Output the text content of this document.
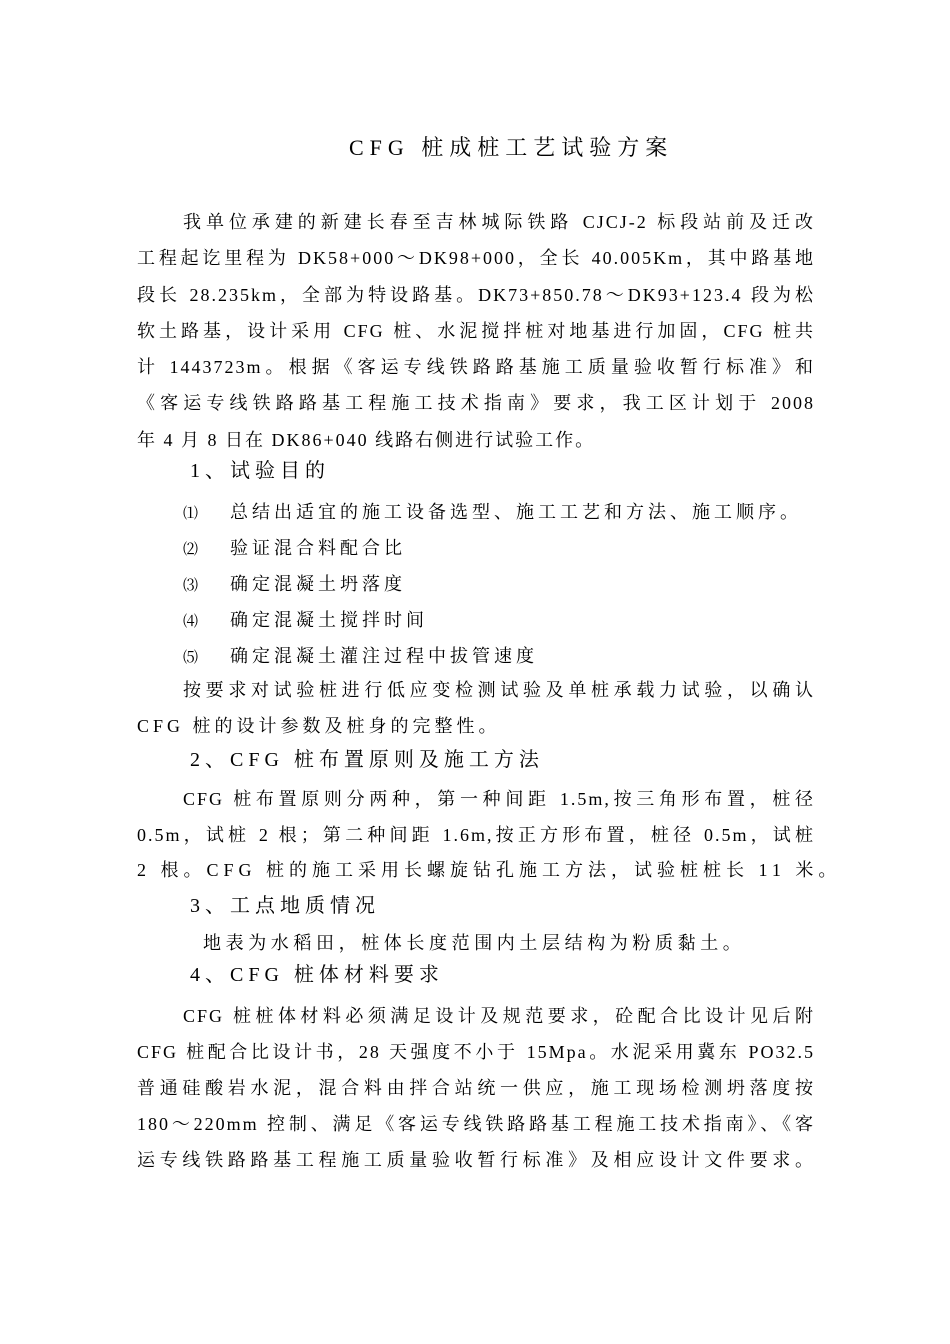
CFG 桩成桩工艺试验方案
我单位承建的新建长春至吉林城际铁路 CJCJ-2 标段站前及迁改
工程起讫里程为 DK58+000～DK98+000，全长 40.005Km，其中路基地
段长 28.235km，全部为特设路基。DK73+850.78～DK93+123.4 段为松
软土路基，设计采用 CFG 桩、水泥搅拌桩对地基进行加固，CFG 桩共
计 1443723m。根据《客运专线铁路路基施工质量验收暂行标准》和
《客运专线铁路路基工程施工技术指南》要求，我工区计划于 2008
年 4 月 8 日在 DK86+040 线路右侧进行试验工作。
1、试验目的
⑴ 总结出适宜的施工设备选型、施工工艺和方法、施工顺序。
⑵ 验证混合料配合比
⑶ 确定混凝土坍落度
⑷ 确定混凝土搅拌时间
⑸ 确定混凝土灌注过程中拔管速度
按要求对试验桩进行低应变检测试验及单桩承载力试验，以确认
CFG 桩的设计参数及桩身的完整性。
2、CFG 桩布置原则及施工方法
CFG 桩布置原则分两种，第一种间距 1.5m,按三角形布置，桩径
0.5m，试桩 2 根；第二种间距 1.6m,按正方形布置，桩径 0.5m，试桩
2 根。CFG 桩的施工采用长螺旋钻孔施工方法，试验桩桩长 11 米。
3、工点地质情况
地表为水稻田，桩体长度范围内土层结构为粉质黏土。
4、CFG 桩体材料要求
CFG 桩桩体材料必须满足设计及规范要求，砼配合比设计见后附
CFG 桩配合比设计书，28 天强度不小于 15Mpa。水泥采用冀东 PO32.5
普通硅酸岩水泥，混合料由拌合站统一供应，施工现场检测坍落度按
180～220mm 控制、满足《客运专线铁路路基工程施工技术指南》、《客
运专线铁路路基工程施工质量验收暂行标准》及相应设计文件要求。
